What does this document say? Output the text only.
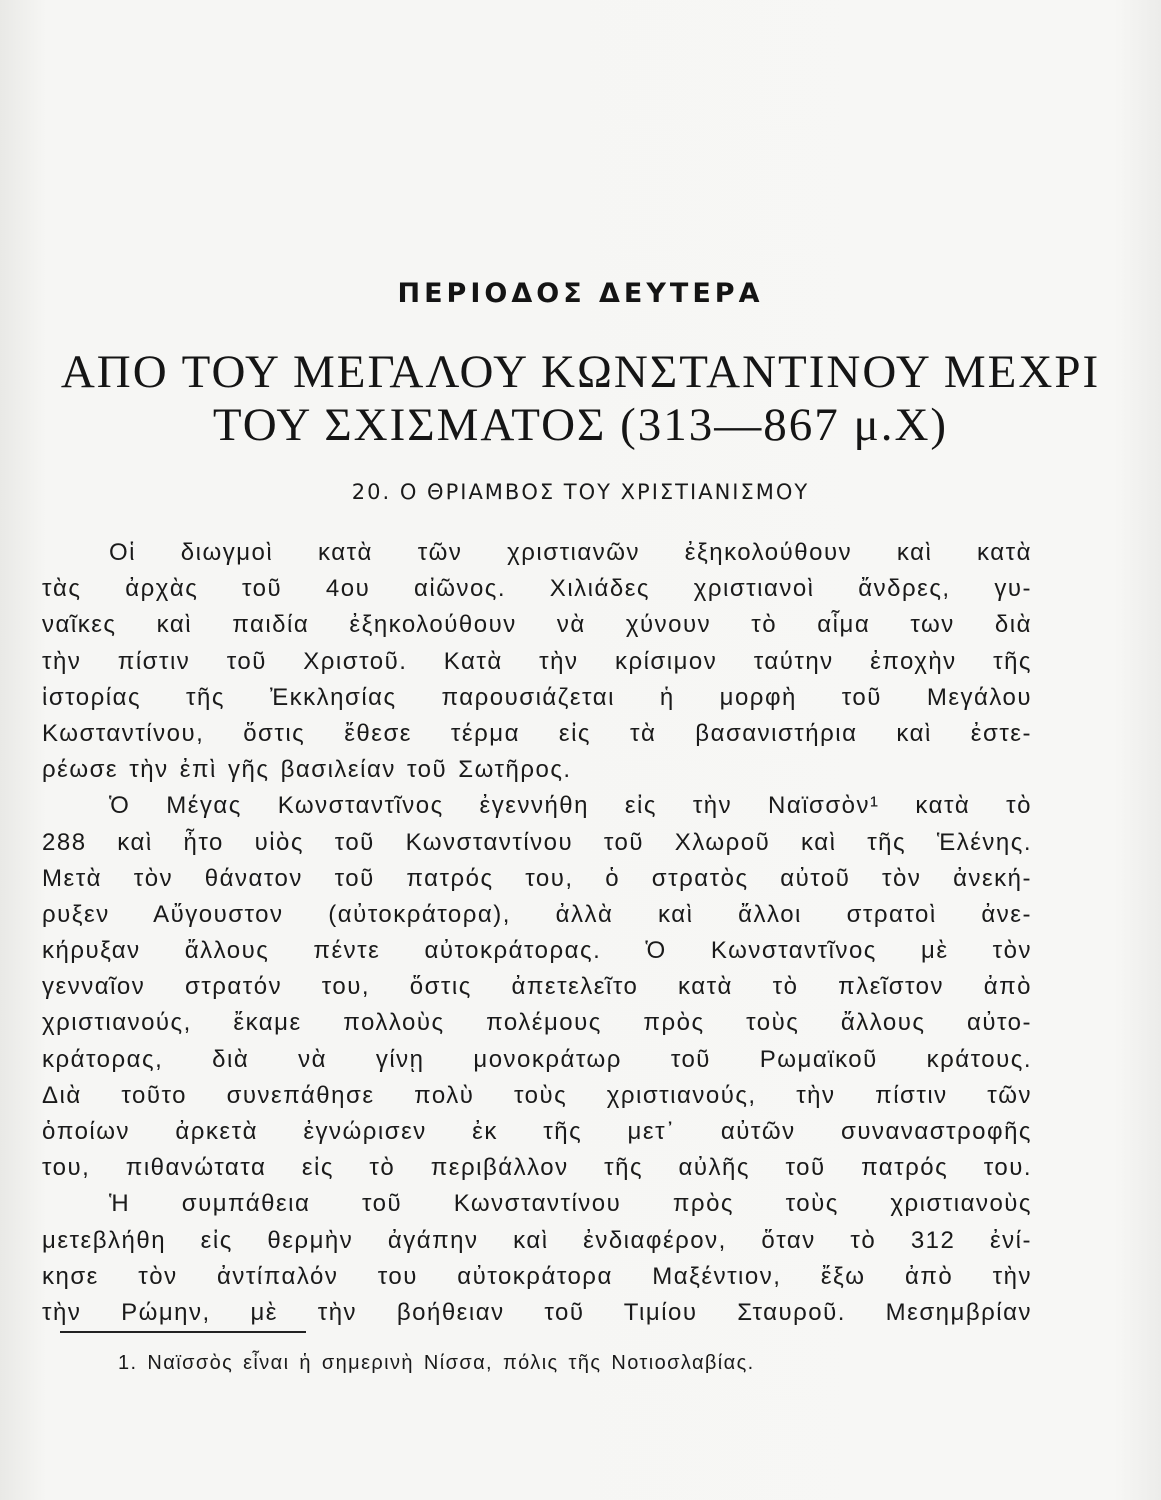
ΠΕΡΙΟΔΟΣ ΔΕΥΤΕΡΑ
ΑΠΟ ΤΟΥ ΜΕΓΑΛΟΥ ΚΩΝΣΤΑΝΤΙΝΟΥ ΜΕΧΡΙ
ΤΟΥ ΣΧΙΣΜΑΤΟΣ (313—867 μ.Χ)
20. Ο ΘΡΙΑΜΒΟΣ ΤΟΥ ΧΡΙΣΤΙΑΝΙΣΜΟΥ
Οἱ διωγμοὶ κατὰ τῶν χριστιανῶν ἐξηκολούθουν καὶ κατὰ
τὰς ἀρχὰς τοῦ 4ου αἰῶνος. Χιλιάδες χριστιανοὶ ἄνδρες, γυ-
ναῖκες καὶ παιδία ἐξηκολούθουν νὰ χύνουν τὸ αἷμα των διὰ
τὴν πίστιν τοῦ Χριστοῦ. Κατὰ τὴν κρίσιμον ταύτην ἐποχὴν τῆς
ἱστορίας τῆς Ἐκκλησίας παρουσιάζεται ἡ μορφὴ τοῦ Μεγάλου
Κωσταντίνου, ὅστις ἔθεσε τέρμα εἰς τὰ βασανιστήρια καὶ ἐστε-
ρέωσε τὴν ἐπὶ γῆς βασιλείαν τοῦ Σωτῆρος.
Ὁ Μέγας Κωνσταντῖνος ἐγεννήθη εἰς τὴν Ναϊσσὸν¹ κατὰ τὸ
288 καὶ ἦτο υἱὸς τοῦ Κωνσταντίνου τοῦ Χλωροῦ καὶ τῆς Ἑλένης.
Μετὰ τὸν θάνατον τοῦ πατρός του, ὁ στρατὸς αὐτοῦ τὸν ἀνεκή-
ρυξεν Αὔγουστον (αὐτοκράτορα), ἀλλὰ καὶ ἄλλοι στρατοὶ ἀνε-
κήρυξαν ἄλλους πέντε αὐτοκράτορας. Ὁ Κωνσταντῖνος μὲ τὸν
γενναῖον στρατόν του, ὅστις ἀπετελεῖτο κατὰ τὸ πλεῖστον ἀπὸ
χριστιανούς, ἔκαμε πολλοὺς πολέμους πρὸς τοὺς ἄλλους αὐτο-
κράτορας, διὰ νὰ γίνῃ μονοκράτωρ τοῦ Ρωμαϊκοῦ κράτους.
Διὰ τοῦτο συνεπάθησε πολὺ τοὺς χριστιανούς, τὴν πίστιν τῶν
ὁποίων ἀρκετὰ ἐγνώρισεν ἐκ τῆς μετ᾽ αὐτῶν συναναστροφῆς
του, πιθανώτατα εἰς τὸ περιβάλλον τῆς αὐλῆς τοῦ πατρός του.
Ἡ συμπάθεια τοῦ Κωνσταντίνου πρὸς τοὺς χριστιανοὺς
μετεβλήθη εἰς θερμὴν ἀγάπην καὶ ἐνδιαφέρον, ὅταν τὸ 312 ἐνί-
κησε τὸν ἀντίπαλόν του αὐτοκράτορα Μαξέντιον, ἔξω ἀπὸ τὴν
τὴν Ρώμην, μὲ τὴν βοήθειαν τοῦ Τιμίου Σταυροῦ. Μεσημβρίαν
1. Ναϊσσὸς εἶναι ἡ σημερινὴ Νίσσα, πόλις τῆς Νοτιοσλαβίας.
